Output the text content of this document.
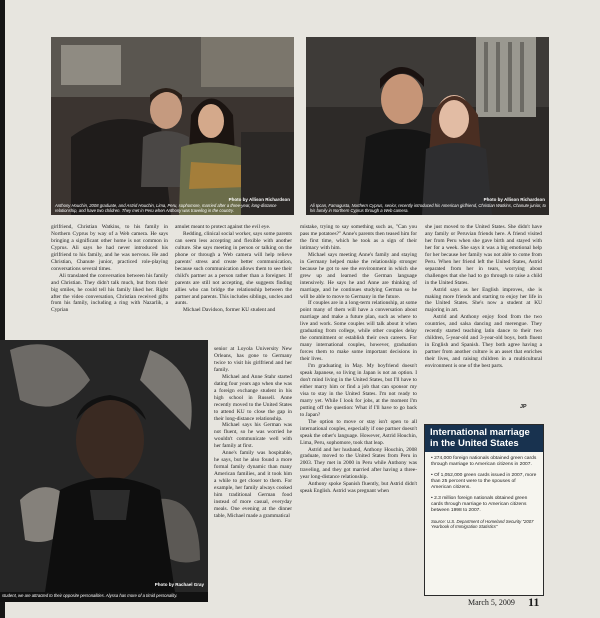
Photo by Allison Richardson
Anthony Houchin, 2008 graduate, and Astrid Houchin, Lima, Peru, sophomore, married after a three-year, long-distance relationship, and have two children. They met in Peru when Anthony was traveling in the country.
Photo by Allison Richardson
Ali Ipcan, Famagusta, Northern Cyprus, senior, recently introduced his American girlfriend, Christian Watkins, Chanute junior, to his family in Northern Cyprus through a Web camera.

girlfriend, Christian Watkins, to his family in Northern Cyprus by way of a Web camera. He says bringing a significant other home is not common in Cyprus. Ali says he had never introduced his girlfriend to his family, and he was nervous. He and Christian, Chanute junior, practiced role-playing conversations several times.

Ali translated the conversation between his family and Christian. They didn't talk much, but from their big smiles, he could tell his family liked her. Right after the video conversation, Christian received gifts from his family, including a ring with Nazarlik, a Cyprian

Photo by Rachael Gray
student, we are attracted to their opposite personalities. Alyssa has more of a timid personality.

amulet meant to protect against the evil eye.

Redding, clinical social worker, says some parents can seem less accepting and flexible with another culture. She says meeting in person or talking on the phone or through a Web camera will help relieve parents' stress and create better communication, because such communication allows them to see their child's partner as a person rather than a foreigner. If parents are still not accepting, she suggests finding allies who can bridge the relationship between the partner and parents. This includes siblings, uncles and aunts.

Michael Davidson, former KU student and

senior at Loyola University New Orleans, has gone to Germany twice to visit his girlfriend and her family.

Michael and Anne Stahr started dating four years ago when she was a foreign exchange student in his high school in Russell. Anne recently moved to the United States to attend KU to close the gap in their long-distance relationship.

Michael says his German was not fluent, so he was worried he wouldn't communicate well with her family at first.

Anne's family was hospitable, he says, but he also found a more formal family dynamic than many American families, and it took him a while to get closer to them. For example, her family always cooked him traditional German food instead of more casual, everyday meals. One evening at the dinner table, Michael made a grammatical

mistake, trying to say something such as, "Can you pass me potatoes?" Anne's parents then teased him for the first time, which he took as a sign of their intimacy with him.

Michael says meeting Anne's family and staying in Germany helped make the relationship stronger because he got to see the environment in which she grew up and learned the German language intensively. He says he and Anne are thinking of marriage, and he continues studying German so he will be able to move to Germany in the future.

If couples are in a long-term relationship, at some point many of them will have a conversation about marriage and make a future plan, such as where to live and work. Some couples will talk about it when graduating from college, while other couples delay the commitment or establish their own careers. For many international couples, however, graduation forces them to make some important decisions in their lives.

I'm graduating in May. My boyfriend doesn't speak Japanese, so living in Japan is not an option. I don't mind living in the United States, but I'll have to either marry him or find a job that can sponsor my visa to stay in the United States. I'm not ready to marry yet. While I look for jobs, at the moment I'm putting off the question: What if I'll have to go back to Japan?

The option to move or stay isn't open to all international couples, especially if one partner doesn't speak the other's language. However, Astrid Houchin, Lima, Peru, sophomore, took that leap.

Astrid and her husband, Anthony Houchin, 2008 graduate, moved to the United States from Peru in 2003. They met in 2000 in Peru while Anthony was traveling, and they got married after having a three-year long-distance relationship.

Anthony spoke Spanish fluently, but Astrid didn't speak English. Astrid was pregnant when

she just moved to the United States. She didn't have any family or Peruvian friends here. A friend visited her from Peru when she gave birth and stayed with her for a week. She says it was a big emotional help for her because her family was not able to come from Peru. When her friend left the United States, Astrid separated from her in tears, worrying about challenges that she had to go through to raise a child in the United States.

Astrid says as her English improves, she is making more friends and starting to enjoy her life in the United States. She's now a student at KU majoring in art.

Astrid and Anthony enjoy food from the two countries, and salsa dancing and merengue. They recently started teaching latin dance to their two children, 5-year-old and 3-year-old boys, both fluent in English and Spanish. They both agree having a partner from another culture is an asset that enriches their lives, and raising children in a multicultural environment is one of the best parts.

JP
International marriage in the United States
• 274,000 foreign nationals obtained green cards through marriage to American citizens in 2007.
• Of 1,052,000 green cards issued in 2007, more than 25 percent were to the spouses of American citizens.
• 2.3 million foreign nationals obtained green cards through marriage to American citizens between 1998 to 2007.
Source: U.S. Department of Homeland Security "2007 Yearbook of Immigration Statistics"
March 5, 2009 11
